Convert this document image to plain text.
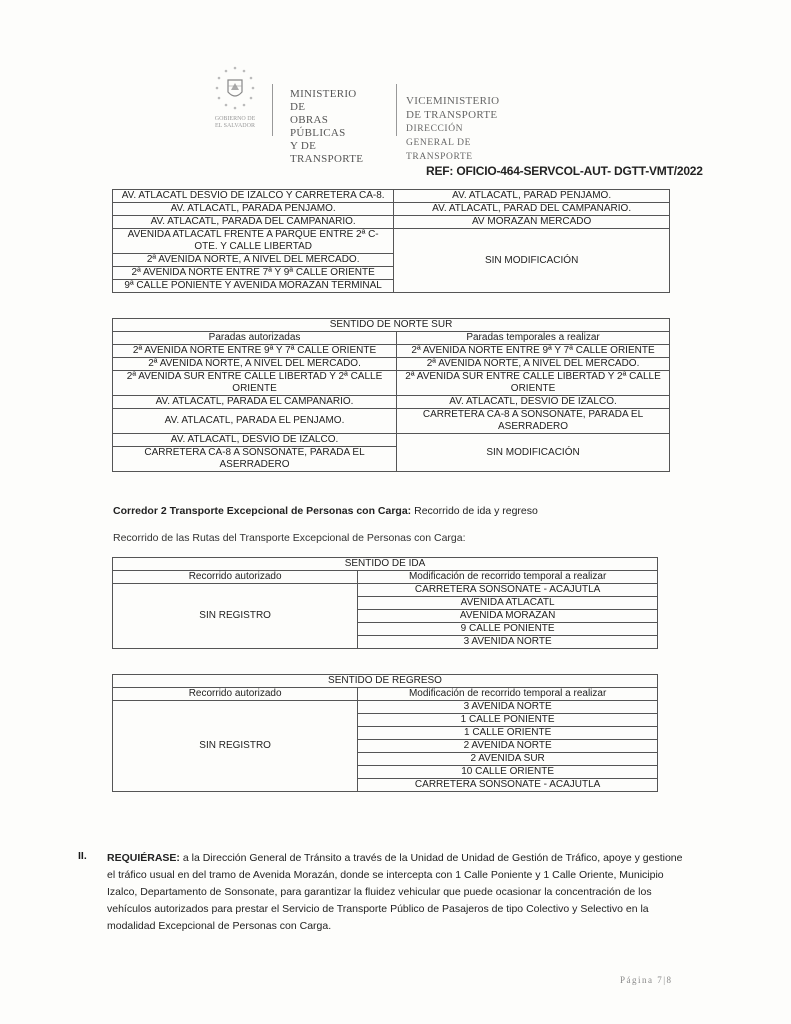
GOBIERNO DE
EL SALVADOR
MINISTERIO DE
OBRAS PÚBLICAS
Y DE TRANSPORTE
VICEMINISTERIO DE TRANSPORTE
DIRECCIÓN GENERAL DE TRANSPORTE
REF: OFICIO-464-SERVCOL-AUT- DGTT-VMT/2022
AV. ATLACATL DESVIO DE IZALCO Y CARRETERA CA-8.	AV. ATLACATL, PARAD PENJAMO.
AV. ATLACATL, PARADA PENJAMO.	AV. ATLACATL, PARAD DEL CAMPANARIO.
AV. ATLACATL, PARADA DEL CAMPANARIO.	AV MORAZAN MERCADO
AVENIDA ATLACATL FRENTE A PARQUE ENTRE 2ª C- OTE. Y CALLE LIBERTAD	SIN MODIFICACIÓN
2ª AVENIDA NORTE, A NIVEL DEL MERCADO.	
2ª AVENIDA NORTE ENTRE 7ª Y 9ª CALLE ORIENTE	
9ª CALLE PONIENTE Y AVENIDA MORAZAN TERMINAL	
SENTIDO DE NORTE SUR	
Paradas autorizadas	Paradas temporales a realizar
2ª AVENIDA NORTE ENTRE 9ª Y 7ª CALLE ORIENTE	2ª AVENIDA NORTE ENTRE 9ª Y 7ª CALLE ORIENTE
2ª AVENIDA NORTE, A NIVEL DEL MERCADO.	2ª AVENIDA NORTE, A NIVEL DEL MERCADO.
2ª AVENIDA SUR ENTRE CALLE LIBERTAD Y 2ª CALLE ORIENTE	2ª AVENIDA SUR ENTRE CALLE LIBERTAD Y 2ª CALLE ORIENTE
AV. ATLACATL, PARADA EL CAMPANARIO.	AV. ATLACATL, DESVIO DE IZALCO.
AV. ATLACATL, PARADA EL PENJAMO.	CARRETERA CA-8 A SONSONATE, PARADA EL ASERRADERO
AV. ATLACATL, DESVIO DE IZALCO.	SIN MODIFICACIÓN
CARRETERA CA-8 A SONSONATE, PARADA EL ASERRADERO	
Corredor 2 Transporte Excepcional de Personas con Carga: Recorrido de ida y regreso
Recorrido de las Rutas del Transporte Excepcional de Personas con Carga:
SENTIDO DE IDA	
Recorrido autorizado	Modificación de recorrido temporal a realizar
SIN REGISTRO	CARRETERA SONSONATE - ACAJUTLA
	AVENIDA ATLACATL
	AVENIDA MORAZAN
	9 CALLE PONIENTE
	3 AVENIDA NORTE
SENTIDO DE REGRESO	
Recorrido autorizado	Modificación de recorrido temporal a realizar
SIN REGISTRO	3 AVENIDA NORTE
	1 CALLE PONIENTE
	1 CALLE ORIENTE
	2 AVENIDA NORTE
	2 AVENIDA SUR
	10 CALLE ORIENTE
	CARRETERA SONSONATE - ACAJUTLA
II. REQUIÉRASE: a la Dirección General de Tránsito a través de la Unidad de Unidad de Gestión de Tráfico, apoye y gestione el tráfico usual en del tramo de Avenida Morazán, donde se intercepta con 1 Calle Poniente y 1 Calle Oriente, Municipio Izalco, Departamento de Sonsonate, para garantizar la fluidez vehicular que puede ocasionar la concentración de los vehículos autorizados para prestar el Servicio de Transporte Público de Pasajeros de tipo Colectivo y Selectivo en la modalidad Excepcional de Personas con Carga.
Página 7|8
